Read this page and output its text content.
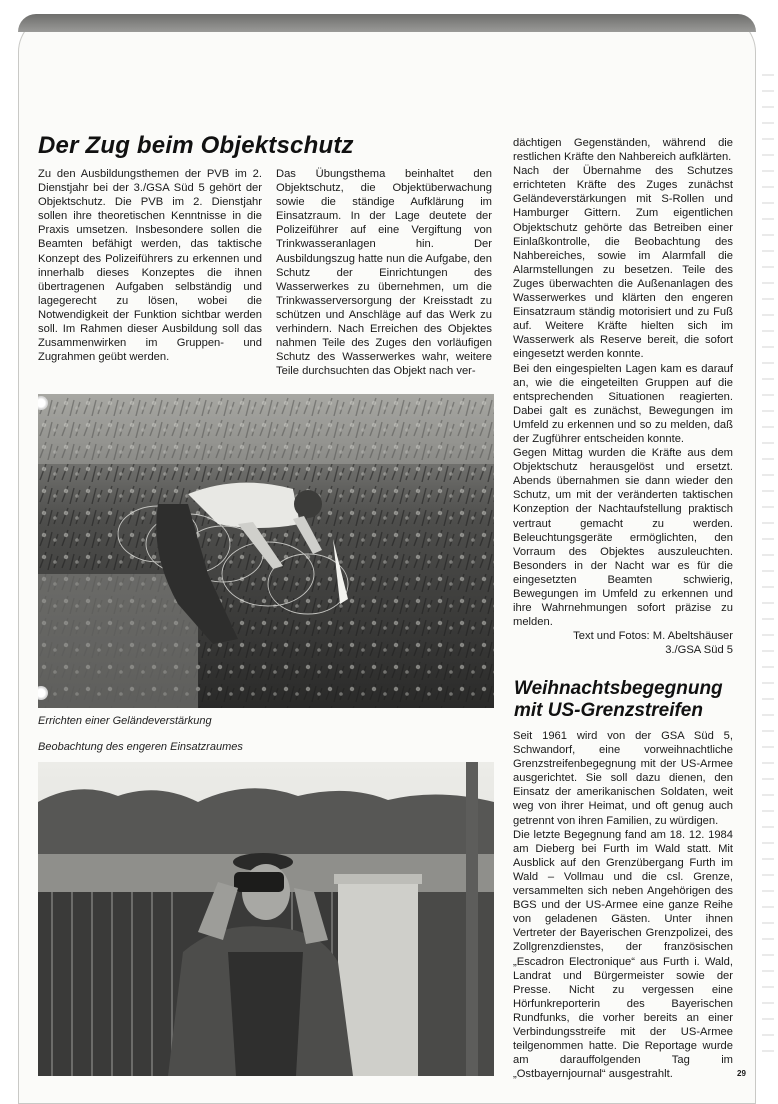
Der Zug beim Objektschutz

Zu den Ausbildungsthemen der PVB im 2. Dienstjahr bei der 3./GSA Süd 5 gehört der Objektschutz. Die PVB im 2. Dienstjahr sollen ihre theoretischen Kenntnisse in die Praxis umsetzen. Insbesondere sollen die Beamten befähigt werden, das taktische Konzept des Polizeiführers zu erkennen und innerhalb dieses Konzeptes die ihnen übertragenen Aufgaben selbständig und lagegerecht zu lösen, wobei die Notwendigkeit der Funktion sichtbar werden soll. Im Rahmen dieser Ausbildung soll das Zusammenwirken im Gruppen- und Zugrahmen geübt werden.

Das Übungsthema beinhaltet den Objektschutz, die Objektüberwachung sowie die ständige Aufklärung im Einsatzraum. In der Lage deutete der Polizeiführer auf eine Vergiftung von Trinkwasseranlagen hin. Der Ausbildungszug hatte nun die Aufgabe, den Schutz der Einrichtungen des Wasserwerkes zu übernehmen, um die Trinkwasserversorgung der Kreisstadt zu schützen und Anschläge auf das Werk zu verhindern. Nach Erreichen des Objektes nahmen Teile des Zuges den vorläufigen Schutz des Wasserwerkes wahr, weitere Teile durchsuchten das Objekt nach ver-

dächtigen Gegenständen, während die restlichen Kräfte den Nahbereich aufklärten.

Nach der Übernahme des Schutzes errichteten Kräfte des Zuges zunächst Geländeverstärkungen mit S-Rollen und Hamburger Gittern. Zum eigentlichen Objektschutz gehörte das Betreiben einer Einlaßkontrolle, die Beobachtung des Nahbereiches, sowie im Alarmfall die Alarmstellungen zu besetzen. Teile des Zuges überwachten die Außenanlagen des Wasserwerkes und klärten den engeren Einsatzraum ständig motorisiert und zu Fuß auf. Weitere Kräfte hielten sich im Wasserwerk als Reserve bereit, die sofort eingesetzt werden konnte.

Bei den eingespielten Lagen kam es darauf an, wie die eingeteilten Gruppen auf die entsprechenden Situationen reagierten. Dabei galt es zunächst, Bewegungen im Umfeld zu erkennen und so zu melden, daß der Zugführer entscheiden konnte.

Gegen Mittag wurden die Kräfte aus dem Objektschutz herausgelöst und ersetzt. Abends übernahmen sie dann wieder den Schutz, um mit der veränderten taktischen Konzeption der Nachtaufstellung praktisch vertraut gemacht zu werden. Beleuchtungsgeräte ermöglichten, den Vorraum des Objektes auszuleuchten. Besonders in der Nacht war es für die eingesetzten Beamten schwierig, Bewegungen im Umfeld zu erkennen und ihre Wahrnehmungen sofort präzise zu melden.

Text und Fotos: M. Abeltshäuser

3./GSA Süd 5

Errichten einer Geländeverstärkung
Beobachtung des engeren Einsatzraumes
Weihnachtsbegegnung
mit US-Grenzstreifen

Seit 1961 wird von der GSA Süd 5, Schwandorf, eine vorweihnachtliche Grenzstreifenbegegnung mit der US-Armee ausgerichtet. Sie soll dazu dienen, den Einsatz der amerikanischen Soldaten, weit weg von ihrer Heimat, und oft genug auch getrennt von ihren Familien, zu würdigen.

Die letzte Begegnung fand am 18. 12. 1984 am Dieberg bei Furth im Wald statt. Mit Ausblick auf den Grenzübergang Furth im Wald – Vollmau und die csl. Grenze, versammelten sich neben Angehörigen des BGS und der US-Armee eine ganze Reihe von geladenen Gästen. Unter ihnen Vertreter der Bayerischen Grenzpolizei, des Zollgrenzdienstes, der französischen „Escadron Electronique“ aus Furth i. Wald, Landrat und Bürgermeister sowie der Presse. Nicht zu vergessen eine Hörfunkreporterin des Bayerischen Rundfunks, die vorher bereits an einer Verbindungsstreife mit der US-Armee teilgenommen hatte. Die Reportage wurde am darauffolgenden Tag im „Ostbayernjournal“ ausgestrahlt.	29
